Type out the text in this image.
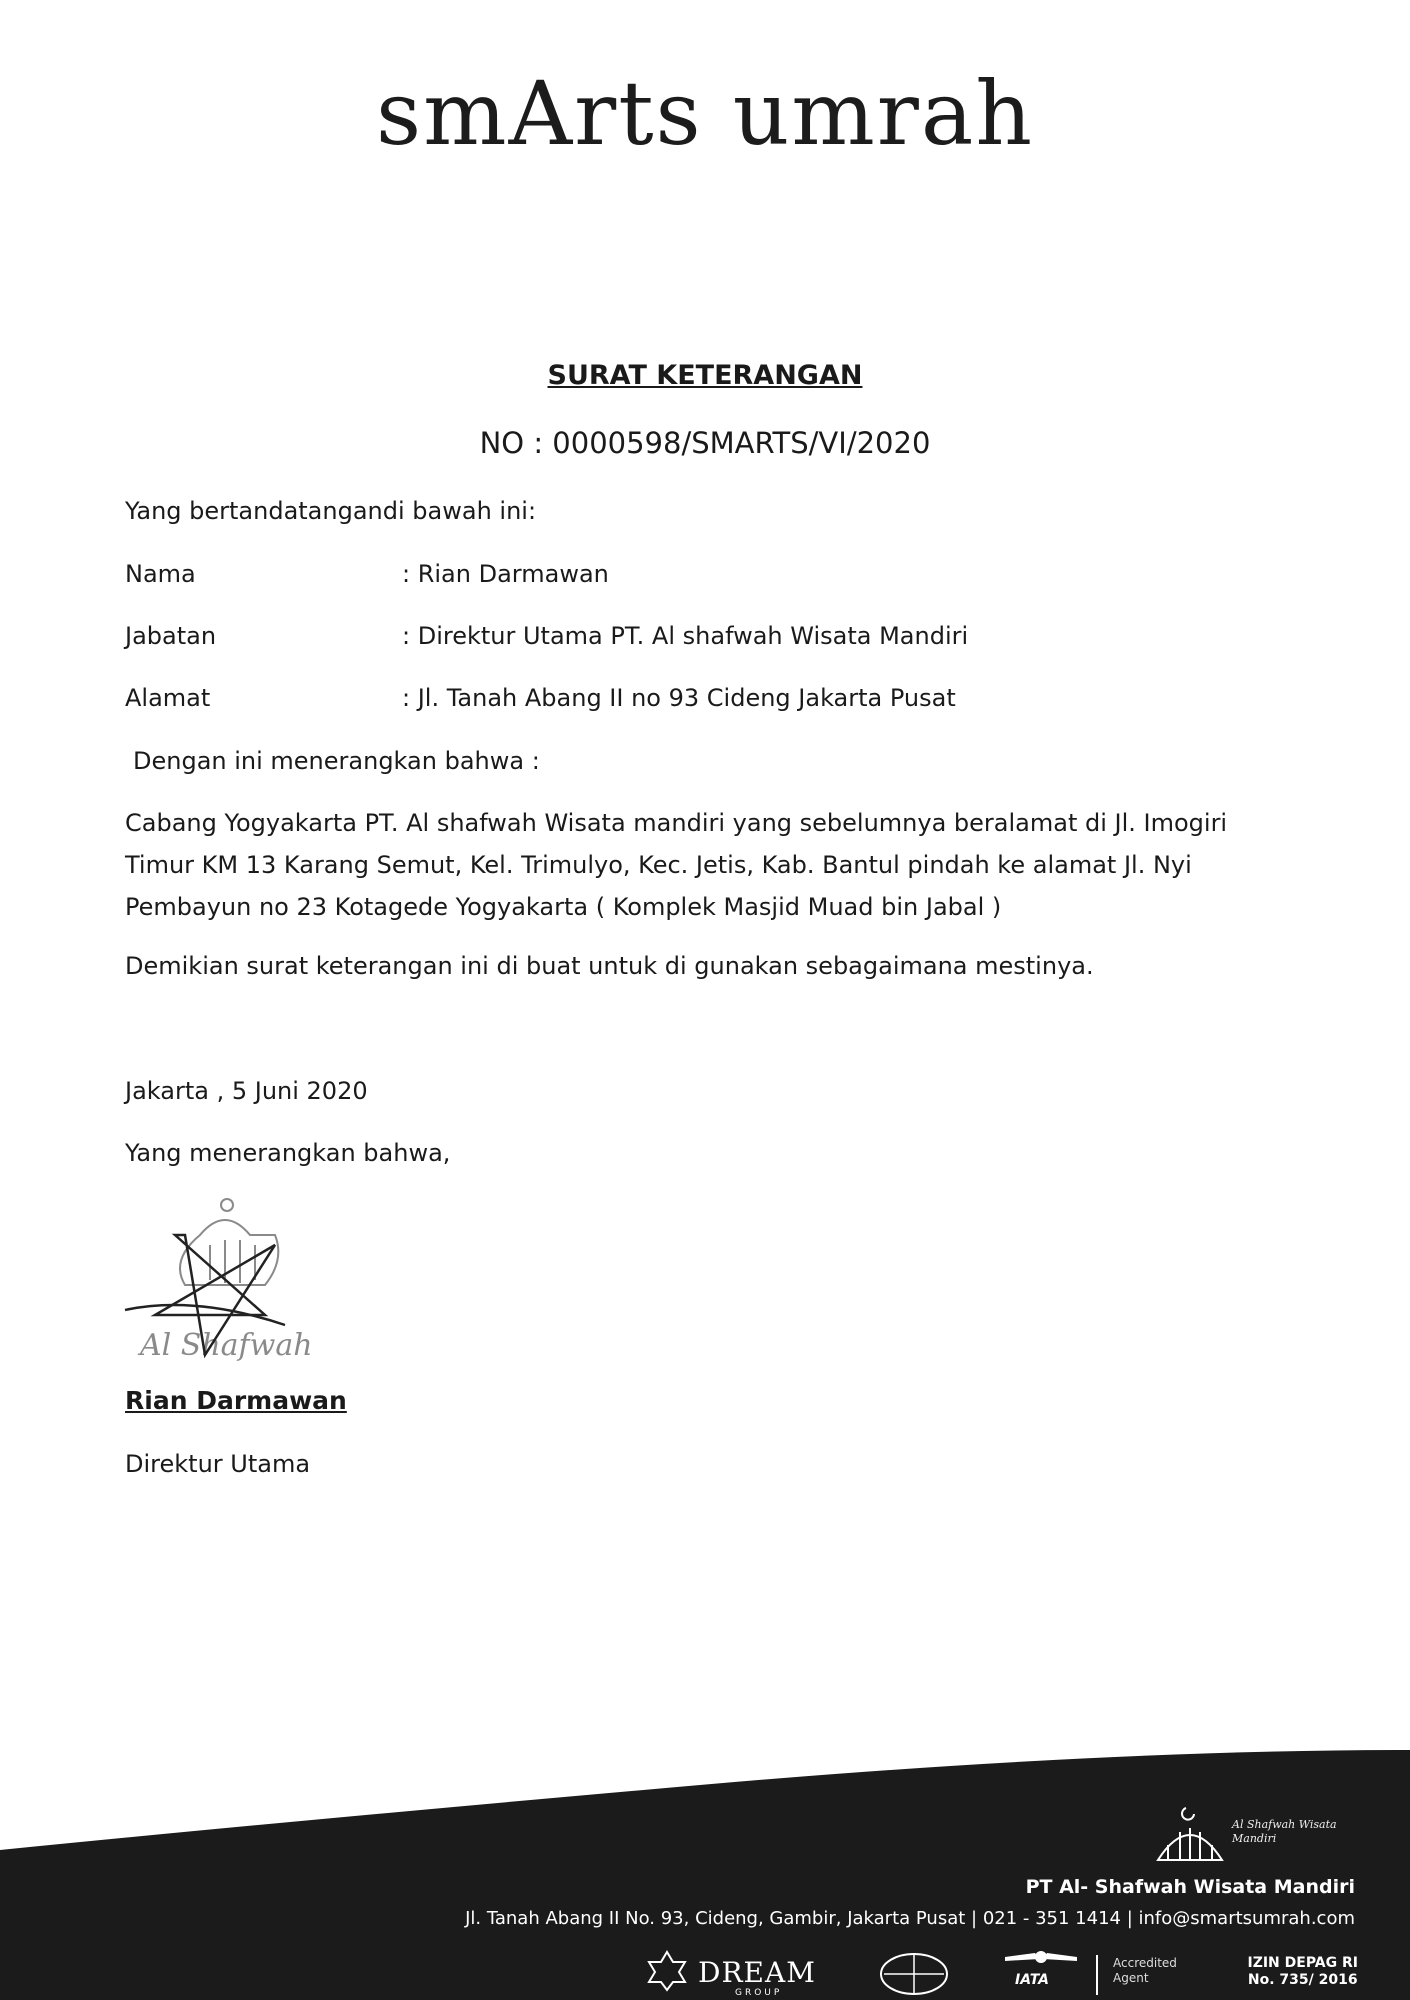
smArts umrah
SURAT KETERANGAN
NO : 0000598/SMARTS/VI/2020
Yang bertandatangandi bawah ini:
Nama	: Rian Darmawan
Jabatan	: Direktur Utama PT. Al shafwah Wisata Mandiri
Alamat	: Jl. Tanah Abang II no 93 Cideng Jakarta Pusat
Dengan ini menerangkan bahwa :
Cabang Yogyakarta PT. Al shafwah Wisata mandiri yang sebelumnya beralamat di Jl. Imogiri Timur KM 13 Karang Semut, Kel. Trimulyo, Kec. Jetis, Kab. Bantul pindah ke alamat Jl. Nyi Pembayun no 23 Kotagede Yogyakarta ( Komplek Masjid Muad bin Jabal )
Demikian surat keterangan ini di buat untuk di gunakan sebagaimana mestinya.
Jakarta , 5 Juni 2020
Yang menerangkan bahwa,
Al Shafwah
Rian Darmawan
Direktur Utama
Al Shafwah Wisata Mandiri
PT Al- Shafwah Wisata Mandiri
Jl. Tanah Abang II No. 93, Cideng, Gambir, Jakarta Pusat | 021 - 351 1414 | info@smartsumrah.com
DREAM
GROUP
IATA
Accredited Agent
IZIN DEPAG RI
No. 735/ 2016
